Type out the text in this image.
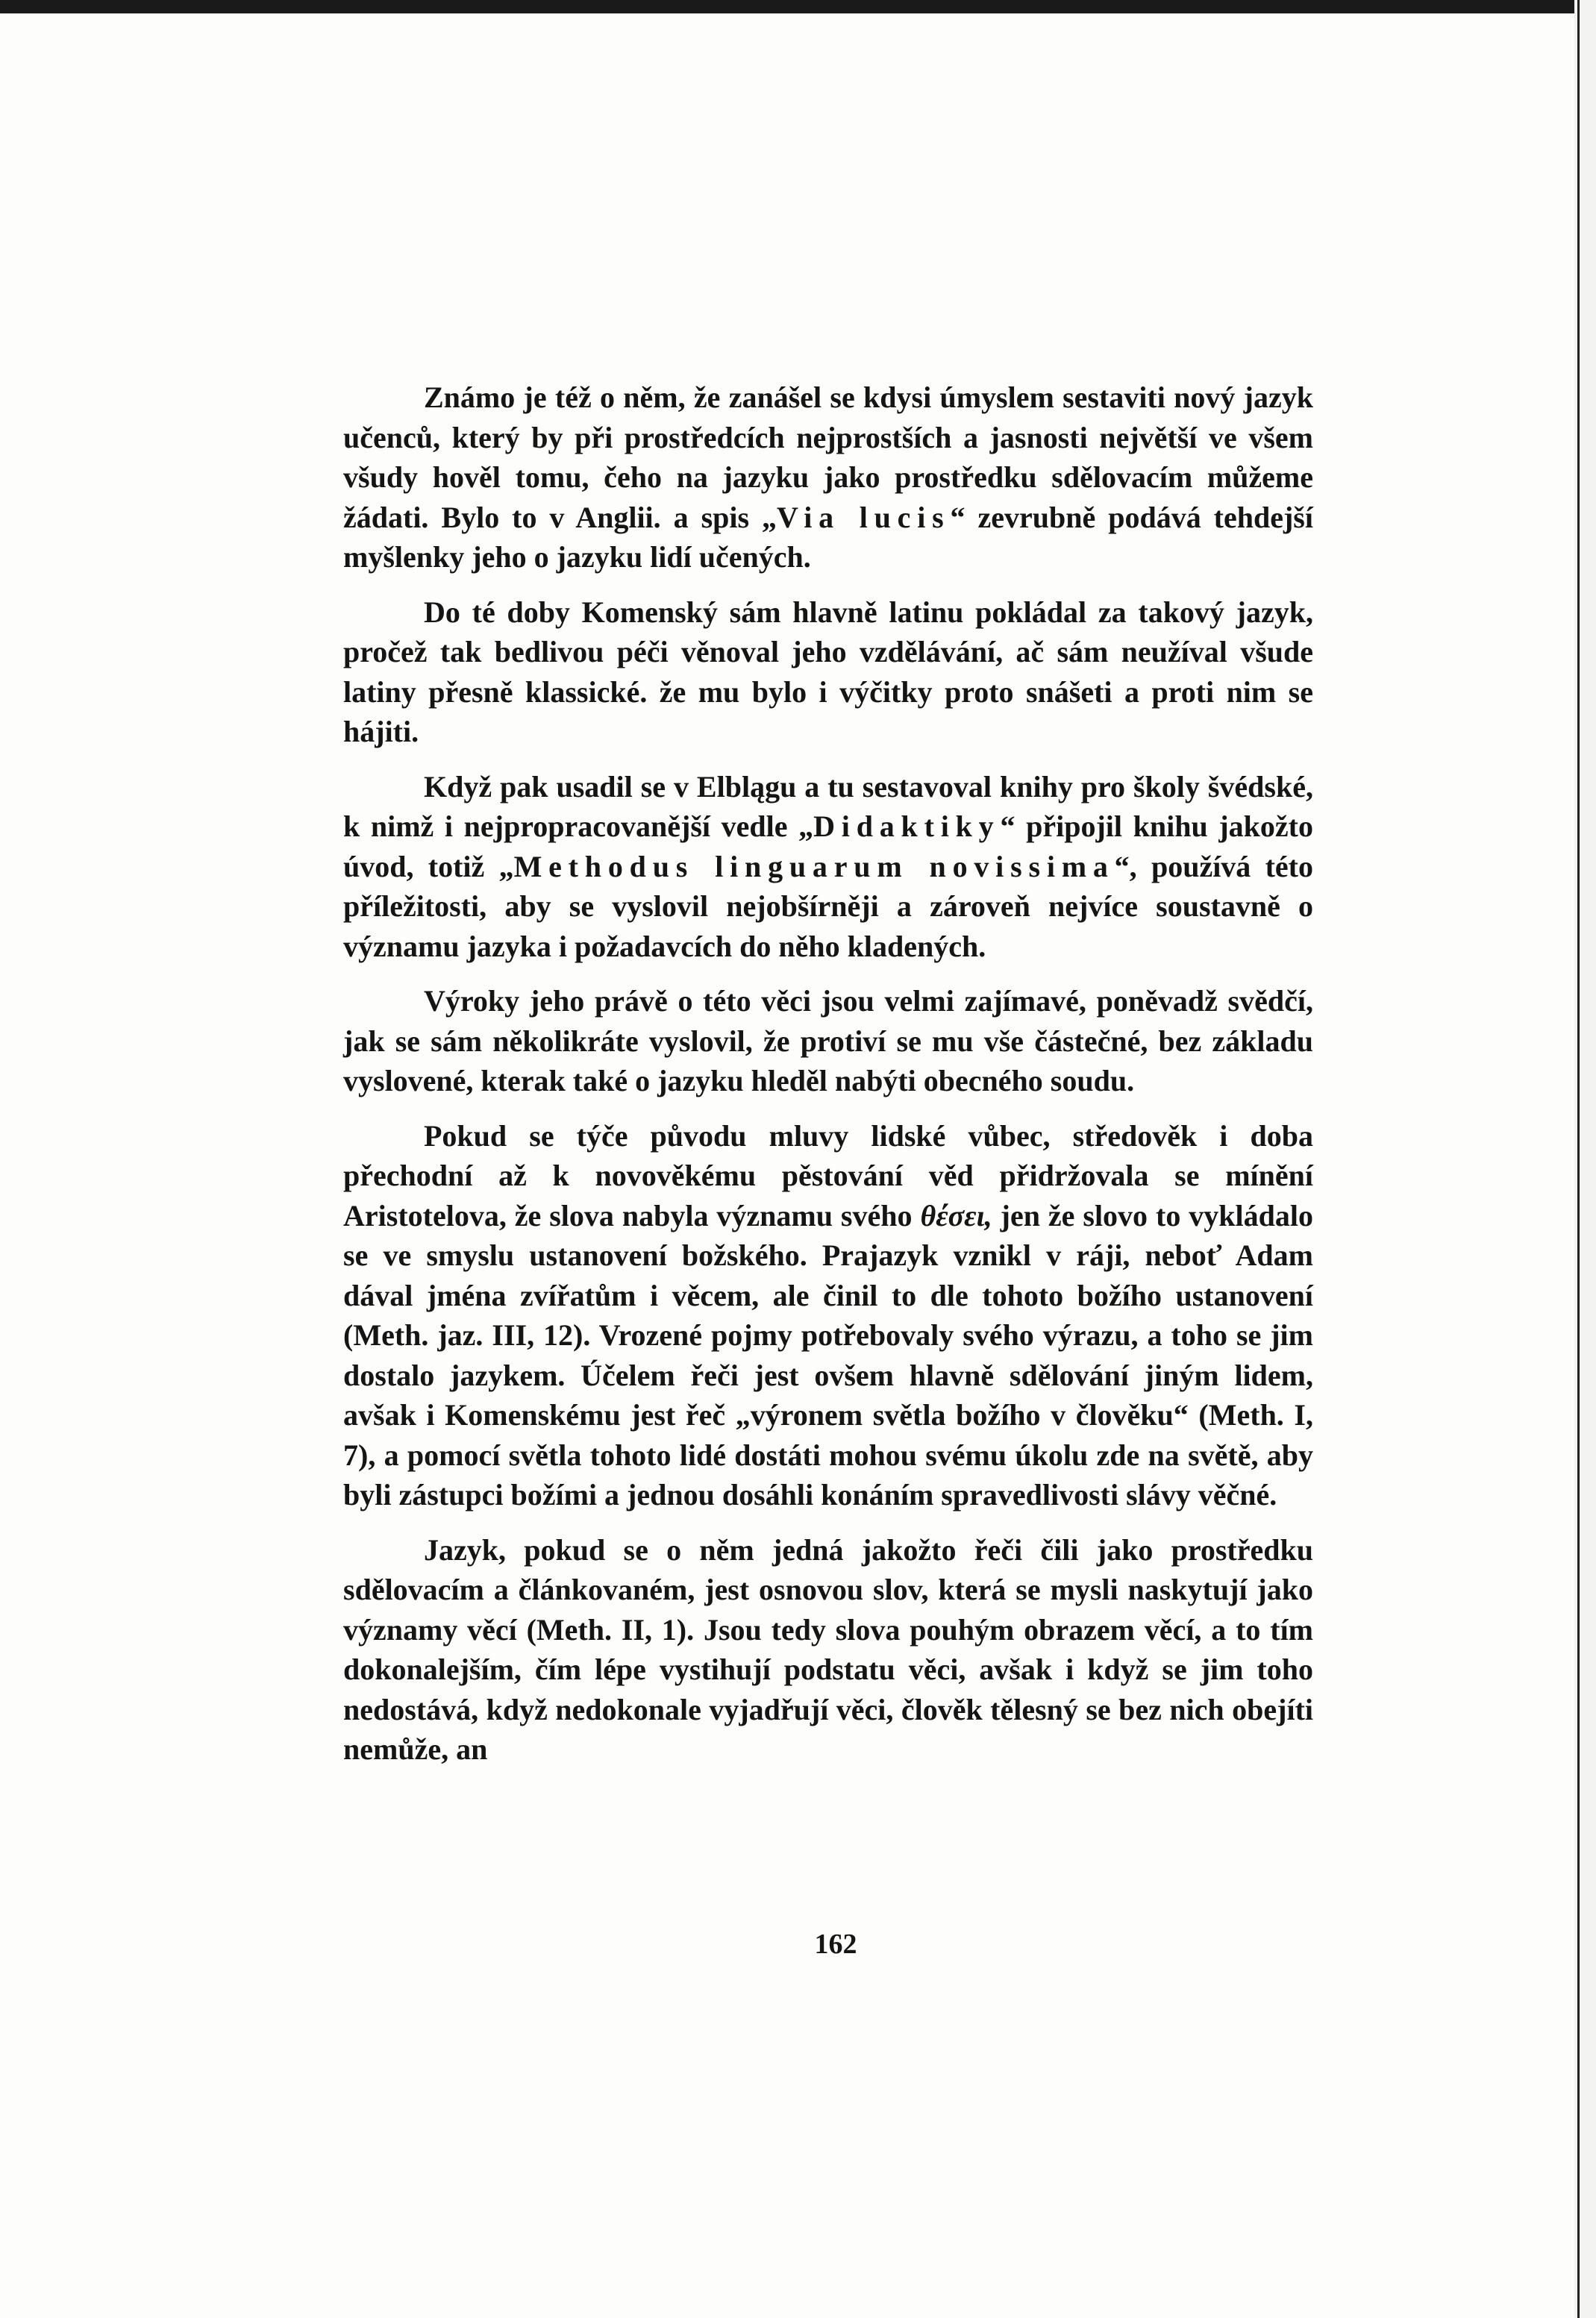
Známo je též o něm, že zanášel se kdysi úmyslem sestaviti nový jazyk učenců, který by při prostředcích nejprostších a jasnosti největší ve všem všudy hověl tomu, čeho na jazyku jako prostředku sdělovacím můžeme žádati. Bylo to v Anglii. a spis „Via lucis“ zevrubně podává tehdejší myšlenky jeho o jazyku lidí učených.

Do té doby Komenský sám hlavně latinu pokládal za takový jazyk, pročež tak bedlivou péči věnoval jeho vzdělávání, ač sám neužíval všude latiny přesně klassické. že mu bylo i výčitky proto snášeti a proti nim se hájiti.

Když pak usadil se v Elblągu a tu sestavoval knihy pro školy švédské, k nimž i nejpropracovanější vedle „Didaktiky“ připojil knihu jakožto úvod, totiž „Methodus linguarum novissima“, používá této příležitosti, aby se vyslovil nejobšírněji a zároveň nejvíce soustavně o významu jazyka i požadavcích do něho kladených.

Výroky jeho právě o této věci jsou velmi zajímavé, poněvadž svědčí, jak se sám několikráte vyslovil, že protiví se mu vše částečné, bez základu vyslovené, kterak také o jazyku hleděl nabýti obecného soudu.

Pokud se týče původu mluvy lidské vůbec, středověk i doba přechodní až k novověkému pěstování věd přidržovala se mínění Aristotelova, že slova nabyla významu svého θέσει, jen že slovo to vykládalo se ve smyslu ustanovení božského. Prajazyk vznikl v ráji, neboť Adam dával jména zvířatům i věcem, ale činil to dle tohoto božího ustanovení (Meth. jaz. III, 12). Vrozené pojmy potřebovaly svého výrazu, a toho se jim dostalo jazykem. Účelem řeči jest ovšem hlavně sdělování jiným lidem, avšak i Komenskému jest řeč „výronem světla božího v člověku“ (Meth. I, 7), a pomocí světla tohoto lidé dostáti mohou svému úkolu zde na světě, aby byli zástupci božími a jednou dosáhli konáním spravedlivosti slávy věčné.

Jazyk, pokud se o něm jedná jakožto řeči čili jako prostředku sdělovacím a článkovaném, jest osnovou slov, která se mysli naskytují jako významy věcí (Meth. II, 1). Jsou tedy slova pouhým obrazem věcí, a to tím dokonalejším, čím lépe vystihují podstatu věci, avšak i když se jim toho nedostává, když nedokonale vyjadřují věci, člověk tělesný se bez nich obejíti nemůže, an

162
